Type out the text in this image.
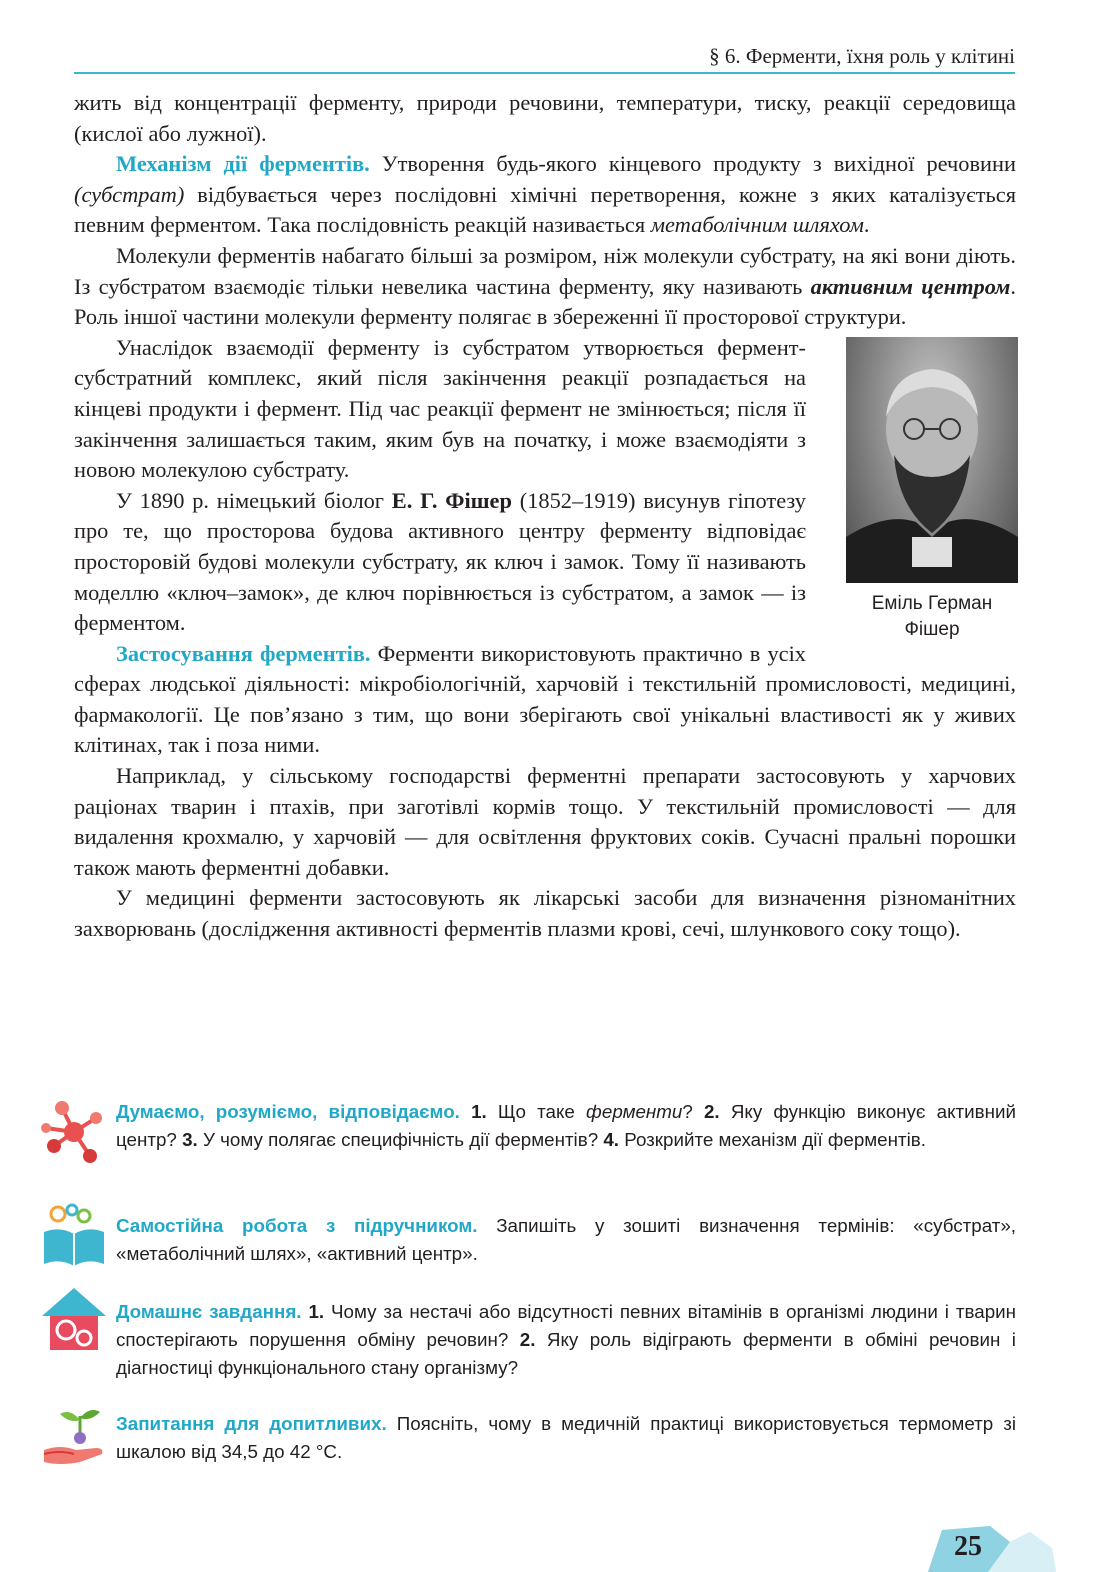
§ 6. Ферменти, їхня роль у клітині

жить від концентрації ферменту, природи речовини, температури, тиску, реакції середовища (кислої або лужної).

Механізм дії ферментів. Утворення будь-якого кінцевого продукту з вихідної речовини (субстрат) відбувається через послідовні хімічні перетворення, кожне з яких каталізується певним ферментом. Така послідовність реакцій називається метаболічним шляхом.

Молекули ферментів набагато більші за розміром, ніж молекули субстрату, на які вони діють. Із субстратом взаємодіє тільки невелика частина ферменту, яку називають активним центром. Роль іншої частини молекули ферменту полягає в збереженні її просторової структури.

Еміль Герман Фішер

Унаслідок взаємодії ферменту із субстратом утворюється фермент-субстратний комплекс, який після закінчення реакції розпадається на кінцеві продукти і фермент. Під час реакції фермент не змінюється; після її закінчення залишається таким, яким був на початку, і може взаємодіяти з новою молекулою субстрату.

У 1890 р. німецький біолог Е. Г. Фішер (1852–1919) висунув гіпотезу про те, що просторова будова активного центру ферменту відповідає просторовій будові молекули субстрату, як ключ і замок. Тому її називають моделлю «ключ–замок», де ключ порівнюється із субстратом, а замок — із ферментом.

Застосування ферментів. Ферменти використовують практично в усіх сферах людської діяльності: мікробіологічній, харчовій і текстильній промисловості, медицині, фармакології. Це пов’язано з тим, що вони зберігають свої унікальні властивості як у живих клітинах, так і поза ними.

Наприклад, у сільському господарстві ферментні препарати застосовують у харчових раціонах тварин і птахів, при заготівлі кормів тощо. У текстильній промисловості — для видалення крохмалю, у харчовій — для освітлення фруктових соків. Сучасні пральні порошки також мають ферментні добавки.

У медицині ферменти застосовують як лікарські засоби для визначення різноманітних захворювань (дослідження активності ферментів плазми крові, сечі, шлункового соку тощо).

Думаємо, розуміємо, відповідаємо. 1. Що таке ферменти? 2. Яку функцію виконує активний центр? 3. У чому полягає специфічність дії ферментів? 4. Розкрийте механізм дії ферментів.
Самостійна робота з підручником. Запишіть у зошиті визначення термінів: «субстрат», «метаболічний шлях», «активний центр».
Домашнє завдання. 1. Чому за нестачі або відсутності певних вітамінів в організмі людини і тварин спостерігають порушення обміну речовин? 2. Яку роль відіграють ферменти в обміні речовин і діагностиці функціонального стану організму?
Запитання для допитливих. Поясніть, чому в медичній практиці використовується термометр зі шкалою від 34,5 до 42 °С.
25
